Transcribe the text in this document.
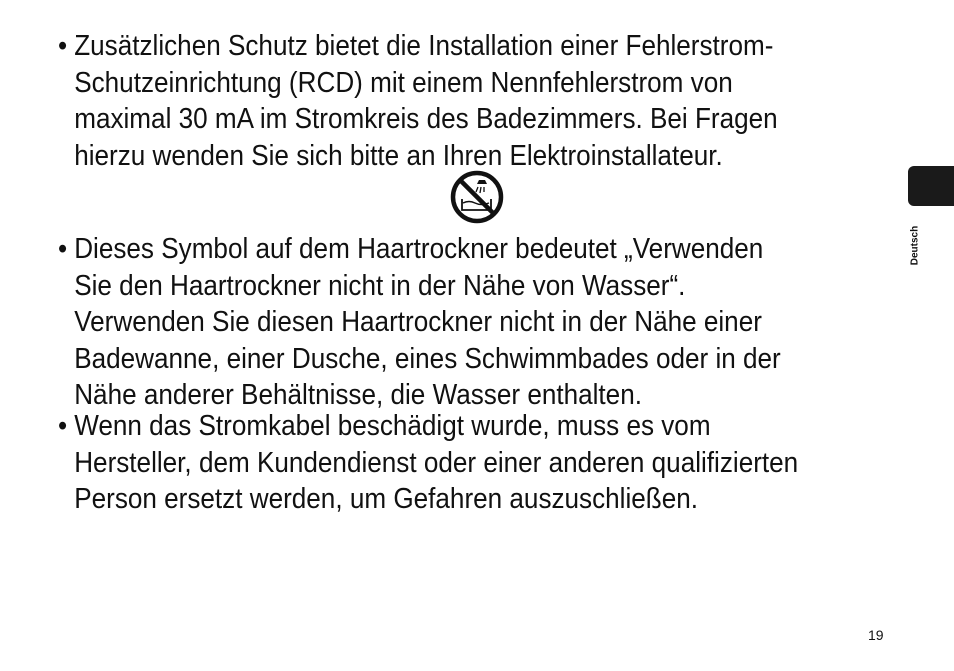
• Zusätzlichen Schutz bietet die Installation einer Fehlerstrom-
Schutzeinrichtung (RCD) mit einem Nennfehlerstrom von
maximal 30 mA im Stromkreis des Badezimmers. Bei Fragen
hierzu wenden Sie sich bitte an Ihren Elektroinstallateur.
• Dieses Symbol auf dem Haartrockner bedeutet „Verwenden
Sie den Haartrockner nicht in der Nähe von Wasser“.
Verwenden Sie diesen Haartrockner nicht in der Nähe einer
Badewanne, einer Dusche, eines Schwimmbades oder in der
Nähe anderer Behältnisse, die Wasser enthalten.
• Wenn das Stromkabel beschädigt wurde, muss es vom
Hersteller, dem Kundendienst oder einer anderen qualifizierten
Person ersetzt werden, um Gefahren auszuschließen.
Deutsch
19
